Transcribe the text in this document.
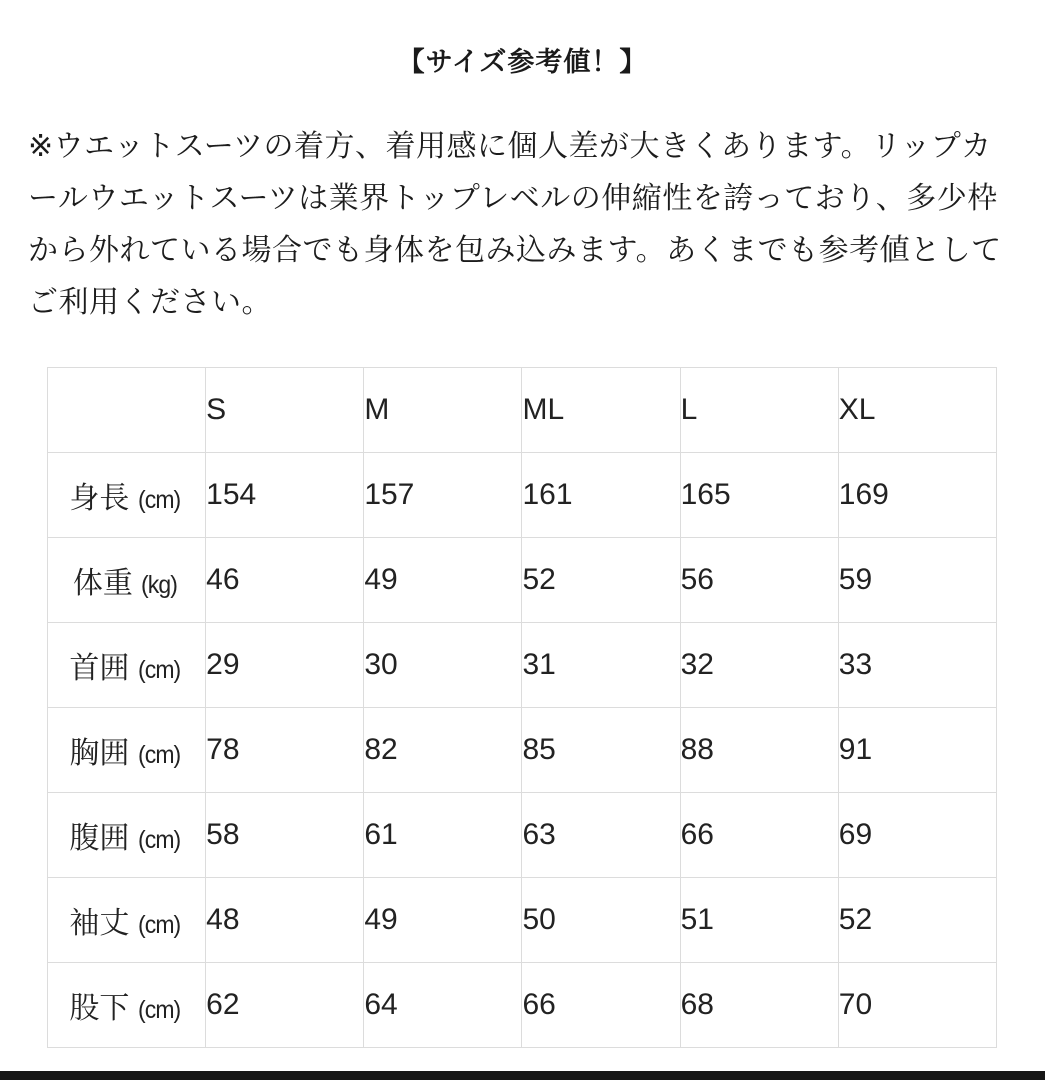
【サイズ参考値！】
※ウエットスーツの着方、着用感に個人差が大きくあります。リップカ
ールウエットスーツは業界トップレベルの伸縮性を誇っており、多少枠
から外れている場合でも身体を包み込みます。あくまでも参考値として
ご利用ください。
	S	M	ML	L	XL
身長 (cm)	154	157	161	165	169
体重 (kg)	46	49	52	56	59
首囲 (cm)	29	30	31	32	33
胸囲 (cm)	78	82	85	88	91
腹囲 (cm)	58	61	63	66	69
袖丈 (cm)	48	49	50	51	52
股下 (cm)	62	64	66	68	70
